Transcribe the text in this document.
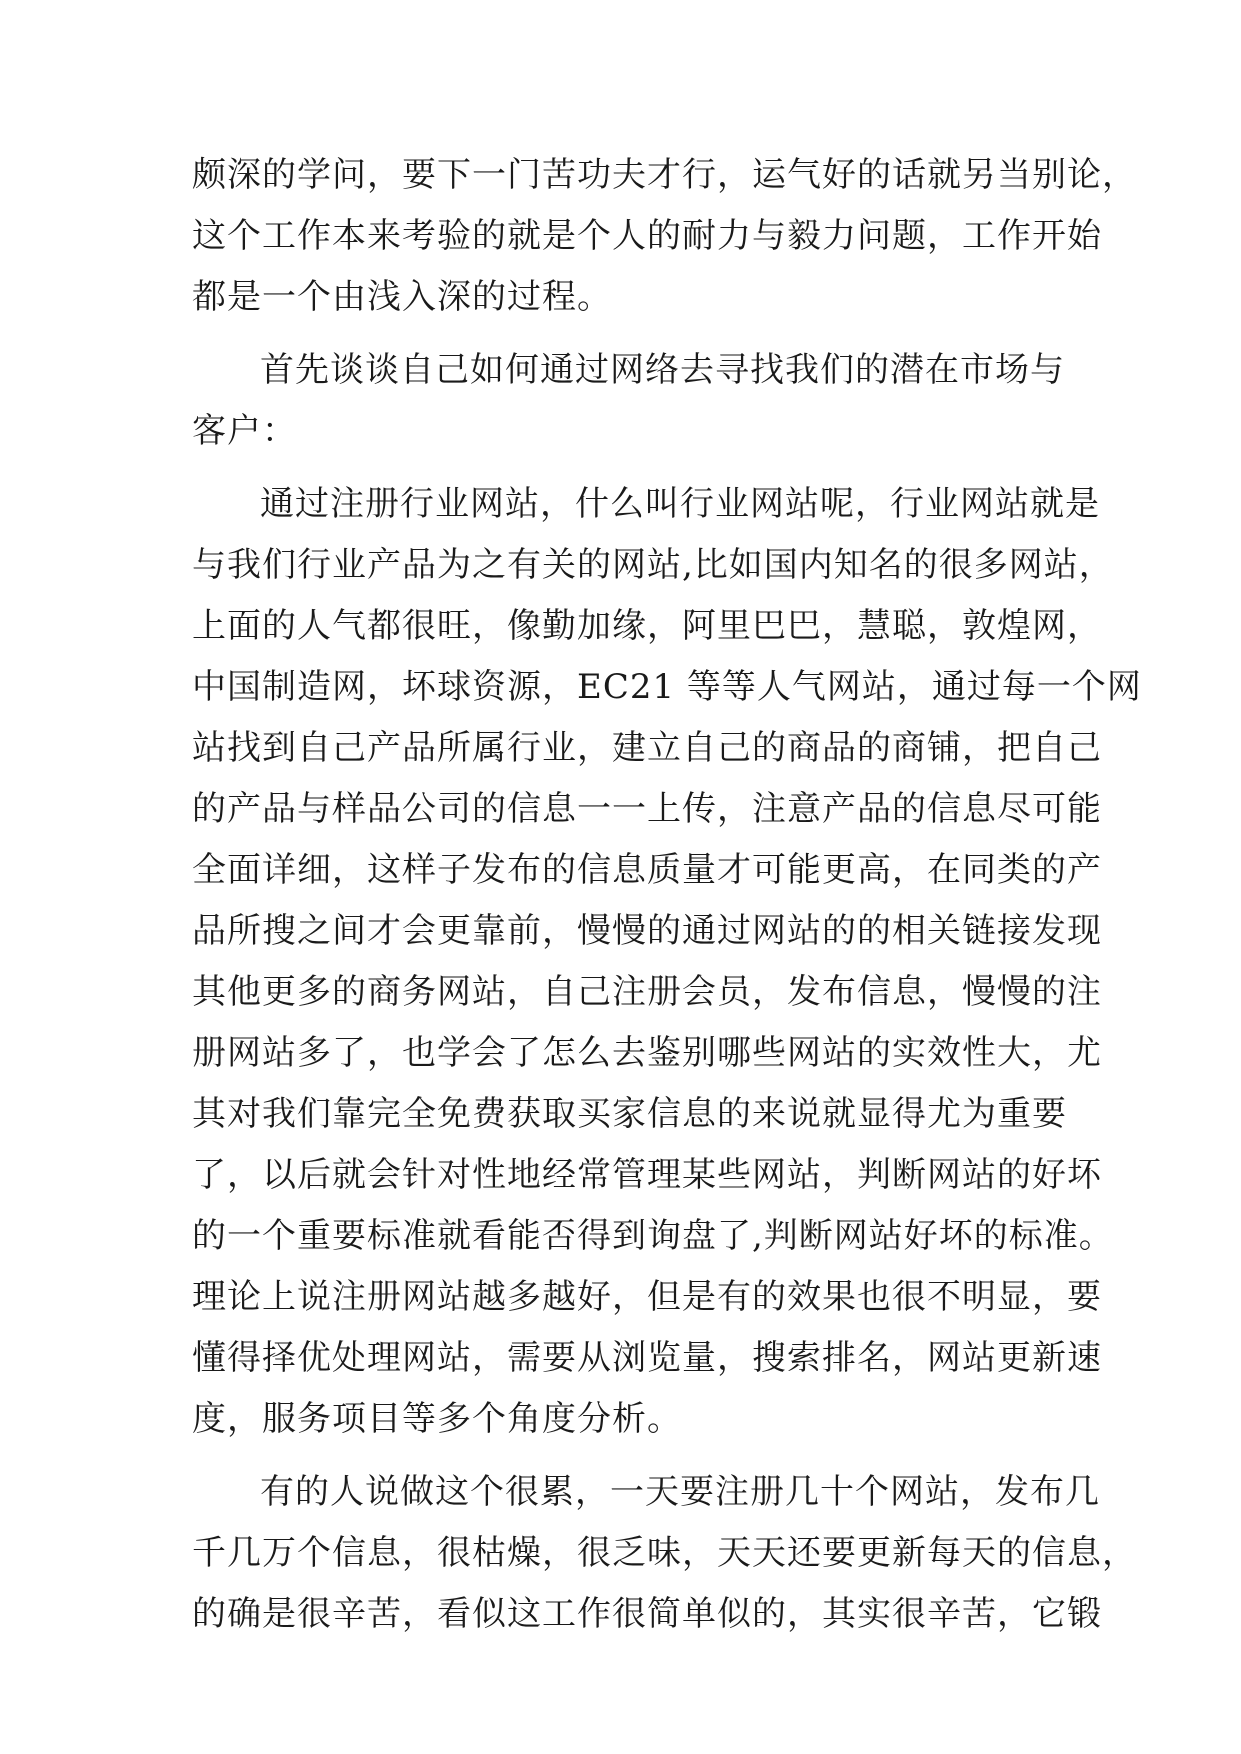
颇深的学问，要下一门苦功夫才行，运气好的话就另当别论，
这个工作本来考验的就是个人的耐力与毅力问题，工作开始
都是一个由浅入深的过程。
首先谈谈自己如何通过网络去寻找我们的潜在市场与
客户：
通过注册行业网站，什么叫行业网站呢，行业网站就是
与我们行业产品为之有关的网站,比如国内知名的很多网站，
上面的人气都很旺，像勤加缘，阿里巴巴，慧聪，敦煌网，
中国制造网，坏球资源，EC21 等等人气网站，通过每一个网
站找到自己产品所属行业，建立自己的商品的商铺，把自己
的产品与样品公司的信息一一上传，注意产品的信息尽可能
全面详细，这样子发布的信息质量才可能更高，在同类的产
品所搜之间才会更靠前，慢慢的通过网站的的相关链接发现
其他更多的商务网站，自己注册会员，发布信息，慢慢的注
册网站多了，也学会了怎么去鉴别哪些网站的实效性大，尤
其对我们靠完全免费获取买家信息的来说就显得尤为重要
了，以后就会针对性地经常管理某些网站，判断网站的好坏
的一个重要标准就看能否得到询盘了,判断网站好坏的标准。
理论上说注册网站越多越好，但是有的效果也很不明显，要
懂得择优处理网站，需要从浏览量，搜索排名，网站更新速
度，服务项目等多个角度分析。
有的人说做这个很累，一天要注册几十个网站，发布几
千几万个信息，很枯燥，很乏味，天天还要更新每天的信息，
的确是很辛苦，看似这工作很简单似的，其实很辛苦，它锻
